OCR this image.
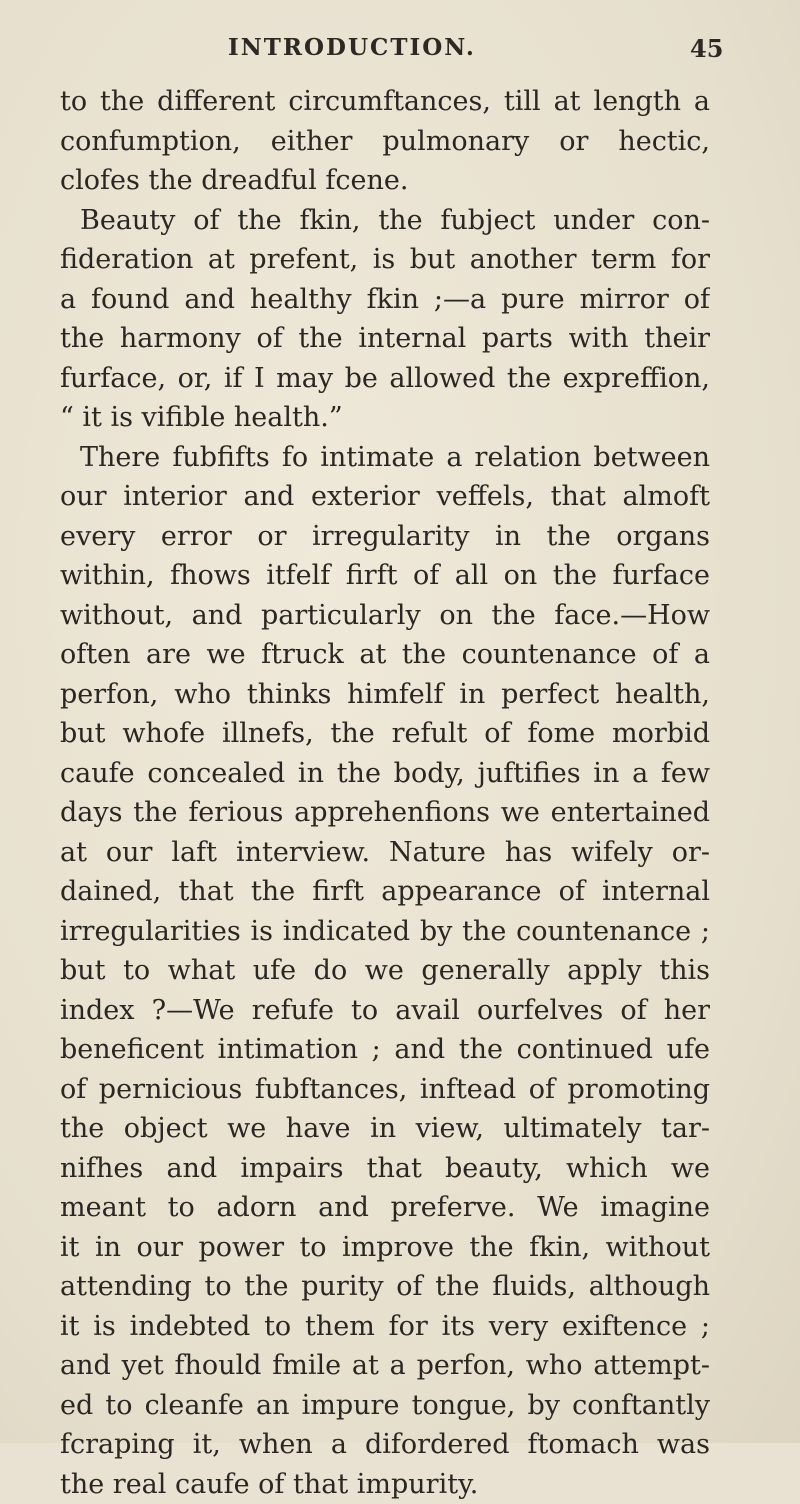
INTRODUCTION.	45
to the different circumftances, till at length a
confumption, either pulmonary or hectic,
clofes the dreadful fcene.
Beauty of the fkin, the fubject under con-
fideration at prefent, is but another term for
a found and healthy fkin ;—a pure mirror of
the harmony of the internal parts with their
furface, or, if I may be allowed the expreffion,
“ it is vifible health.”
There fubfifts fo intimate a relation between
our interior and exterior veffels, that almoft
every error or irregularity in the organs
within, fhows itfelf firft of all on the furface
without, and particularly on the face.—How
often are we ftruck at the countenance of a
perfon, who thinks himfelf in perfect health,
but whofe illnefs, the refult of fome morbid
caufe concealed in the body, juftifies in a few
days the ferious apprehenfions we entertained
at our laft interview. Nature has wifely or-
dained, that the firft appearance of internal
irregularities is indicated by the countenance ;
but to what ufe do we generally apply this
index ?—We refufe to avail ourfelves of her
beneficent intimation ; and the continued ufe
of pernicious fubftances, inftead of promoting
the object we have in view, ultimately tar-
nifhes and impairs that beauty, which we
meant to adorn and preferve. We imagine
it in our power to improve the fkin, without
attending to the purity of the fluids, although
it is indebted to them for its very exiftence ;
and yet fhould fmile at a perfon, who attempt-
ed to cleanfe an impure tongue, by conftantly
fcraping it, when a difordered ftomach was
the real caufe of that impurity.
